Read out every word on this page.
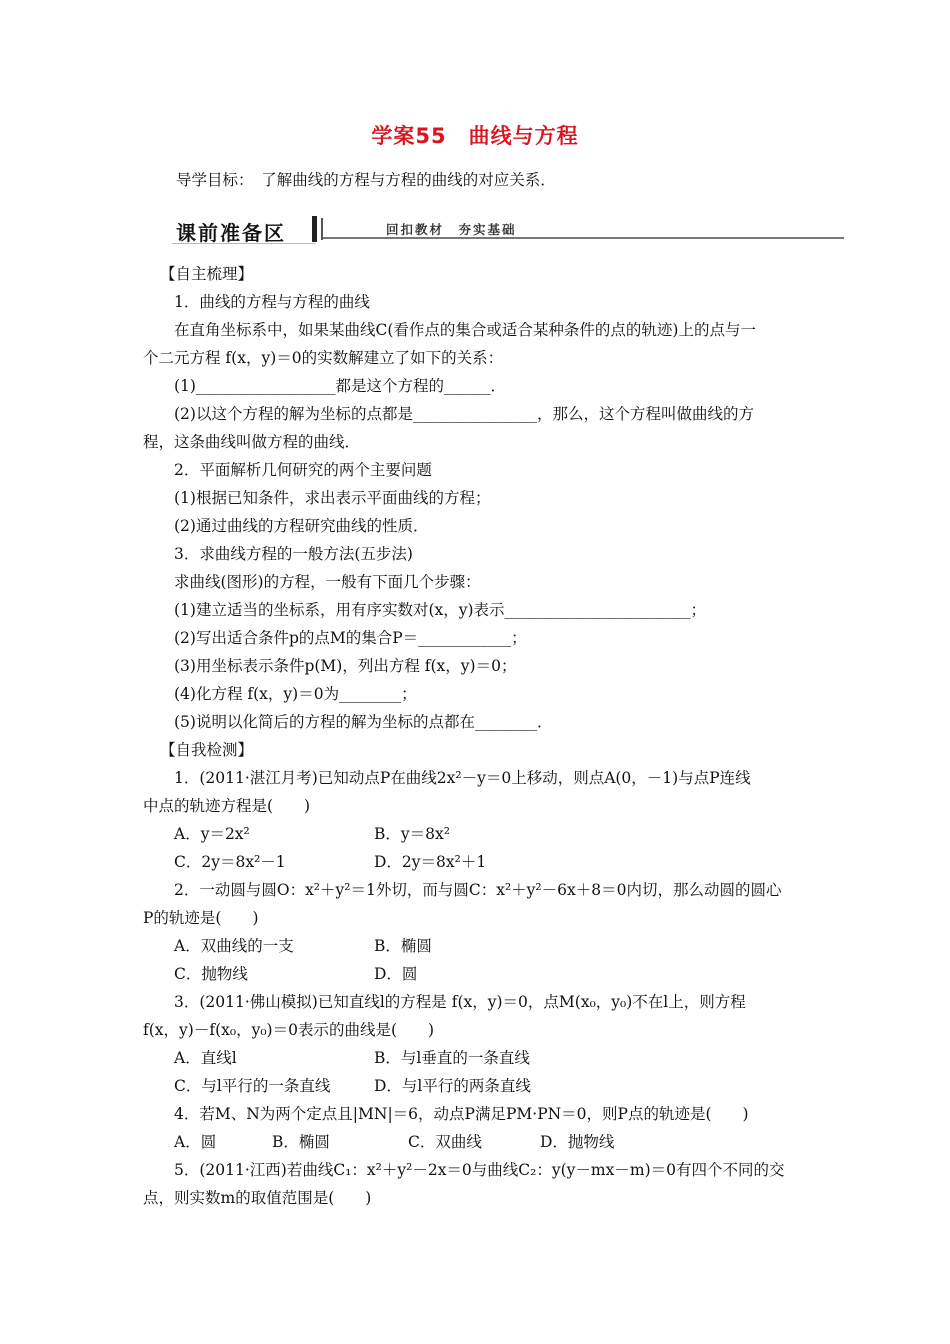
学案55　曲线与方程
导学目标：　了解曲线的方程与方程的曲线的对应关系．
课前准备区	回扣教材　夯实基础
【自主梳理】
1．曲线的方程与方程的曲线
在直角坐标系中，如果某曲线C(看作点的集合或适合某种条件的点的轨迹)上的点与一
个二元方程 f(x，y)＝0的实数解建立了如下的关系：
(1)__________________都是这个方程的______．
(2)以这个方程的解为坐标的点都是________________，那么，这个方程叫做曲线的方
程，这条曲线叫做方程的曲线．
2．平面解析几何研究的两个主要问题
(1)根据已知条件，求出表示平面曲线的方程；
(2)通过曲线的方程研究曲线的性质．
3．求曲线方程的一般方法(五步法)
求曲线(图形)的方程，一般有下面几个步骤：
(1)建立适当的坐标系，用有序实数对(x，y)表示________________________；
(2)写出适合条件p的点M的集合P＝____________；
(3)用坐标表示条件p(M)，列出方程 f(x，y)＝0；
(4)化方程 f(x，y)＝0为________；
(5)说明以化简后的方程的解为坐标的点都在________．
【自我检测】
1．(2011·湛江月考)已知动点P在曲线2x²－y＝0上移动，则点A(0，－1)与点P连线
中点的轨迹方程是(　　)
A．y＝2x²	B．y＝8x²
C．2y＝8x²－1	D．2y＝8x²＋1
2．一动圆与圆O：x²＋y²＝1外切，而与圆C：x²＋y²－6x＋8＝0内切，那么动圆的圆心
P的轨迹是(　　)
A．双曲线的一支	B．椭圆
C．抛物线	D．圆
3．(2011·佛山模拟)已知直线l的方程是 f(x，y)＝0，点M(x₀，y₀)不在l上，则方程
f(x，y)－f(x₀，y₀)＝0表示的曲线是(　　)
A．直线l	B．与l垂直的一条直线
C．与l平行的一条直线	D．与l平行的两条直线
4．若M、N为两个定点且|MN|＝6，动点P满足PM·PN＝0，则P点的轨迹是(　　)
A．圆	B．椭圆	C．双曲线	D．抛物线
5．(2011·江西)若曲线C₁：x²＋y²－2x＝0与曲线C₂：y(y－mx－m)＝0有四个不同的交
点，则实数m的取值范围是(　　)
